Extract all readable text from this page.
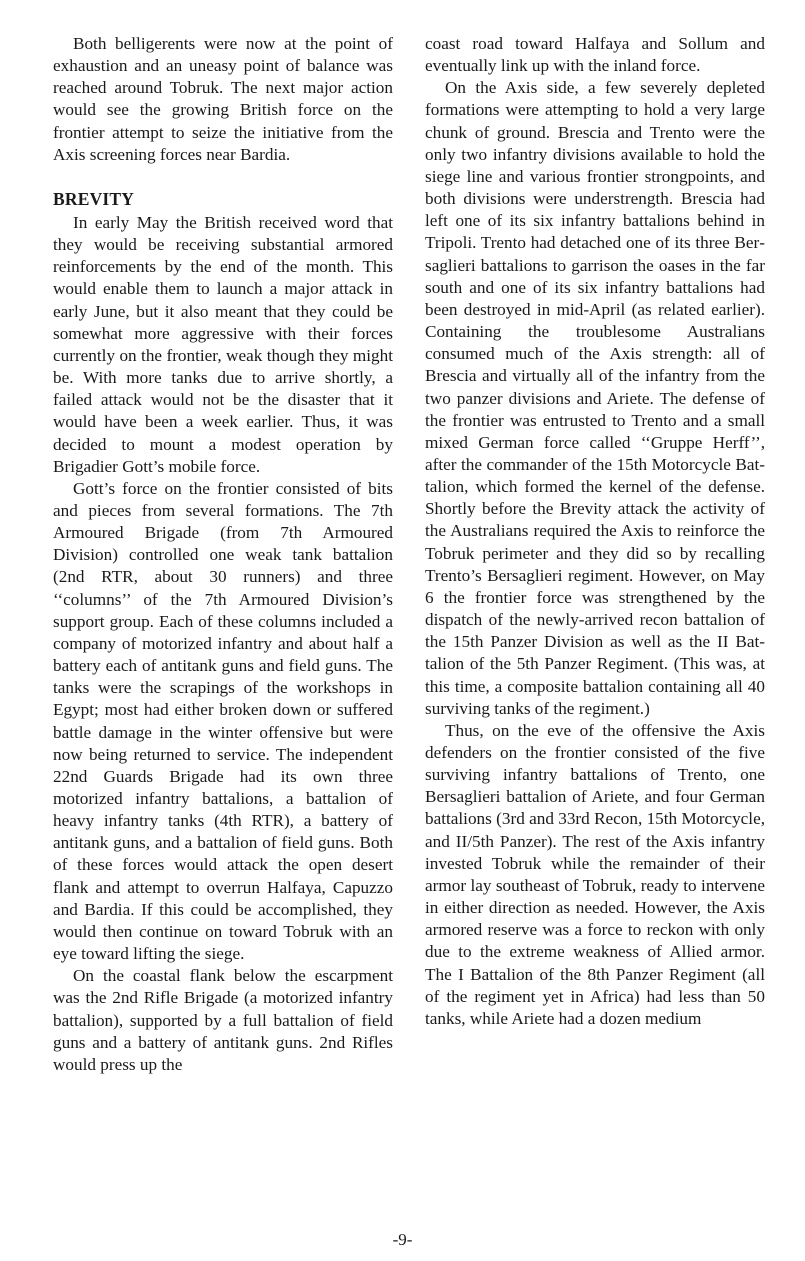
Both belligerents were now at the point of exhaustion and an uneasy point of balance was reached around Tobruk. The next major action would see the growing British force on the frontier attempt to seize the initiative from the Axis screening forces near Bardia.

BREVITY

In early May the British received word that they would be receiving substantial armored reinforcements by the end of the month. This would enable them to launch a major attack in early June, but it also meant that they could be somewhat more aggressive with their forces currently on the frontier, weak though they might be. With more tanks due to arrive shortly, a failed attack would not be the disaster that it would have been a week earlier. Thus, it was decided to mount a modest operation by Brigadier Gott’s mobile force.

Gott’s force on the frontier consisted of bits and pieces from several formations. The 7th Armoured Brigade (from 7th Armoured Division) controlled one weak tank battalion (2nd RTR, about 30 runners) and three ‘‘columns’’ of the 7th Armoured Division’s support group. Each of these columns included a company of motorized infantry and about half a battery each of antitank guns and field guns. The tanks were the scrapings of the workshops in Egypt; most had either broken down or suffered battle damage in the winter offensive but were now being returned to service. The independent 22nd Guards Brigade had its own three motorized infantry battalions, a battalion of heavy infantry tanks (4th RTR), a battery of antitank guns, and a battalion of field guns. Both of these forces would attack the open desert flank and attempt to overrun Halfaya, Capuzzo and Bardia. If this could be accomplished, they would then continue on toward Tobruk with an eye toward lifting the siege.

On the coastal flank below the escarpment was the 2nd Rifle Brigade (a motorized infantry battalion), supported by a full battalion of field guns and a battery of antitank guns. 2nd Rifles would press up the

coast road toward Halfaya and Sollum and eventually link up with the inland force.

On the Axis side, a few severely depleted formations were attempting to hold a very large chunk of ground. Brescia and Trento were the only two infantry divisions available to hold the siege line and various frontier strongpoints, and both divisions were understrength. Brescia had left one of its six infantry battalions behind in Tripoli. Trento had detached one of its three Bersaglieri battalions to garrison the oases in the far south and one of its six infantry battalions had been destroyed in mid-April (as related earlier). Containing the troublesome Australians consumed much of the Axis strength: all of Brescia and virtually all of the infantry from the two panzer divisions and Ariete. The defense of the frontier was entrusted to Trento and a small mixed German force called ‘‘Gruppe Herff’’, after the commander of the 15th Motorcycle Battalion, which formed the kernel of the defense. Shortly before the Brevity attack the activity of the Australians required the Axis to reinforce the Tobruk perimeter and they did so by recalling Trento’s Bersaglieri regiment. However, on May 6 the frontier force was strengthened by the dispatch of the newly-arrived recon battalion of the 15th Panzer Division as well as the II Battalion of the 5th Panzer Regiment. (This was, at this time, a composite battalion containing all 40 surviving tanks of the regiment.)

Thus, on the eve of the offensive the Axis defenders on the frontier consisted of the five surviving infantry battalions of Trento, one Bersaglieri battalion of Ariete, and four German battalions (3rd and 33rd Recon, 15th Motorcycle, and II/5th Panzer). The rest of the Axis infantry invested Tobruk while the remainder of their armor lay southeast of Tobruk, ready to intervene in either direction as needed. However, the Axis armored reserve was a force to reckon with only due to the extreme weakness of Allied armor. The I Battalion of the 8th Panzer Regiment (all of the regiment yet in Africa) had less than 50 tanks, while Ariete had a dozen medium

-9-
